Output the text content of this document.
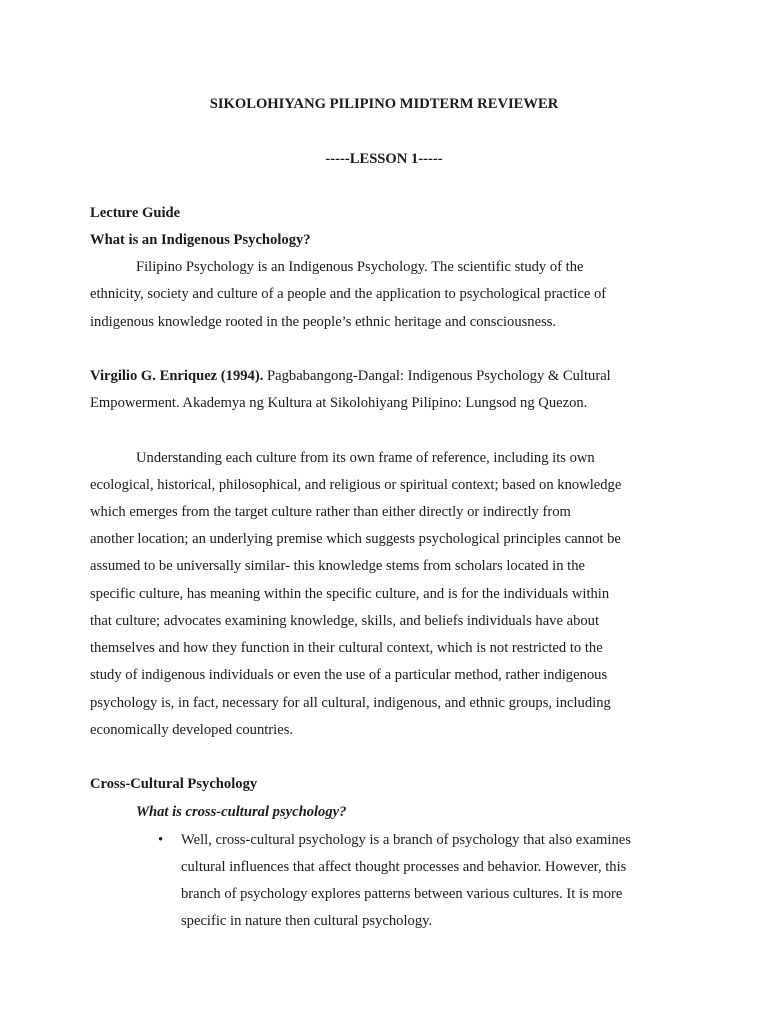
SIKOLOHIYANG PILIPINO MIDTERM REVIEWER
-----LESSON 1-----
Lecture Guide
What is an Indigenous Psychology?
Filipino Psychology is an Indigenous Psychology. The scientific study of the
ethnicity, society and culture of a people and the application to psychological practice of
indigenous knowledge rooted in the people’s ethnic heritage and consciousness.
Virgilio G. Enriquez (1994). Pagbabangong-Dangal: Indigenous Psychology & Cultural
Empowerment. Akademya ng Kultura at Sikolohiyang Pilipino: Lungsod ng Quezon.
Understanding each culture from its own frame of reference, including its own
ecological, historical, philosophical, and religious or spiritual context; based on knowledge
which emerges from the target culture rather than either directly or indirectly from
another location; an underlying premise which suggests psychological principles cannot be
assumed to be universally similar- this knowledge stems from scholars located in the
specific culture, has meaning within the specific culture, and is for the individuals within
that culture; advocates examining knowledge, skills, and beliefs individuals have about
themselves and how they function in their cultural context, which is not restricted to the
study of indigenous individuals or even the use of a particular method, rather indigenous
psychology is, in fact, necessary for all cultural, indigenous, and ethnic groups, including
economically developed countries.
Cross-Cultural Psychology
What is cross-cultural psychology?
• Well, cross-cultural psychology is a branch of psychology that also examines
cultural influences that affect thought processes and behavior. However, this
branch of psychology explores patterns between various cultures. It is more
specific in nature then cultural psychology.
